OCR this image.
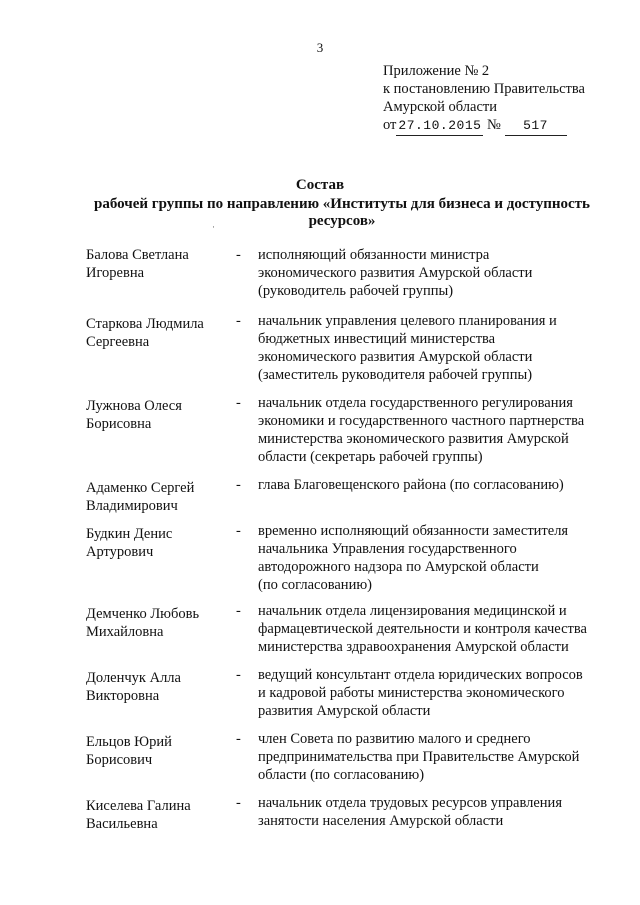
3
Приложение № 2
к постановлению Правительства
Амурской области
от 27.10.2015 № 517
Состав
рабочей группы по направлению «Институты для бизнеса и доступность
ресурсов»
·
Балова Светлана
Игоревна
- исполняющий обязанности министра
экономического развития Амурской области
(руководитель рабочей группы)
Старкова Людмила
Сергеевна
- начальник управления целевого планирования и
бюджетных инвестиций министерства
экономического развития Амурской области
(заместитель руководителя рабочей группы)
Лужнова Олеся
Борисовна
- начальник отдела государственного регулирования
экономики и государственного частного партнерства
министерства экономического развития Амурской
области (секретарь рабочей группы)
Адаменко Сергей
Владимирович
- глава Благовещенского района (по согласованию)
Будкин Денис
Артурович
- временно исполняющий обязанности заместителя
начальника Управления государственного
автодорожного надзора по Амурской области
(по согласованию)
Демченко Любовь
Михайловна
- начальник отдела лицензирования медицинской и
фармацевтической деятельности и контроля качества
министерства здравоохранения Амурской области
Доленчук Алла
Викторовна
- ведущий консультант отдела юридических вопросов
и кадровой работы министерства экономического
развития Амурской области
Ельцов Юрий
Борисович
- член Совета по развитию малого и среднего
предпринимательства при Правительстве Амурской
области (по согласованию)
Киселева Галина
Васильевна
- начальник отдела трудовых ресурсов управления
занятости населения Амурской области
